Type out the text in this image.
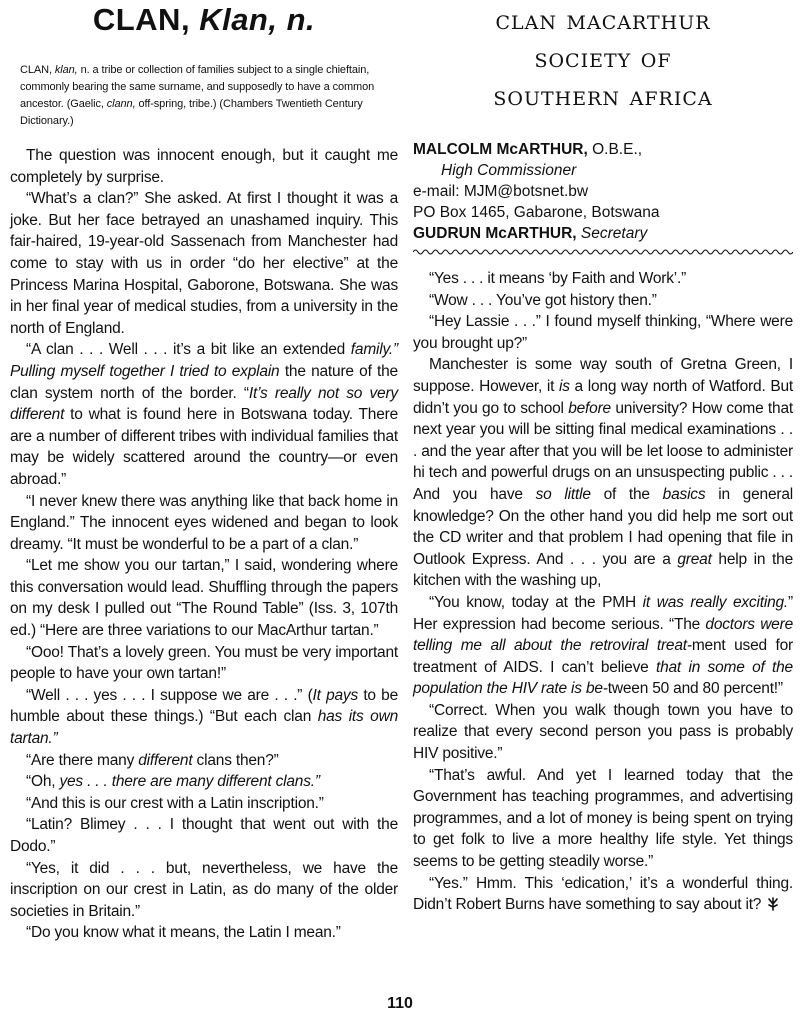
CLAN, Klan, n.

CLAN, klan, n. a tribe or collection of families subject to a single chieftain, commonly bearing the same surname, and supposedly to have a common ancestor. (Gaelic, clann, off-spring, tribe.) (Chambers Twentieth Century Dictionary.)

The question was innocent enough, but it caught me completely by surprise.

“What’s a clan?” She asked. At first I thought it was a joke. But her face betrayed an unashamed inquiry. This fair-haired, 19-year-old Sassenach from Manchester had come to stay with us in order “do her elective” at the Princess Marina Hospital, Gaborone, Botswana. She was in her final year of medical studies, from a university in the north of England.

“A clan . . . Well . . . it’s a bit like an extended family.” Pulling myself together I tried to explain the nature of the clan system north of the border. “It’s really not so very different to what is found here in Botswana today. There are a number of different tribes with individual families that may be widely scattered around the country—or even abroad.”

“I never knew there was anything like that back home in England.” The innocent eyes widened and began to look dreamy. “It must be wonderful to be a part of a clan.”

“Let me show you our tartan,” I said, wondering where this conversation would lead. Shuffling through the papers on my desk I pulled out “The Round Table” (Iss. 3, 107th ed.) “Here are three variations to our MacArthur tartan.”

“Ooo! That’s a lovely green. You must be very important people to have your own tartan!”

“Well . . . yes . . . I suppose we are . . .” (It pays to be humble about these things.) “But each clan has its own tartan.”

“Are there many different clans then?”

“Oh, yes . . . there are many different clans.”

“And this is our crest with a Latin inscription.”

“Latin? Blimey . . . I thought that went out with the Dodo.”

“Yes, it did . . . but, nevertheless, we have the inscription on our crest in Latin, as do many of the older societies in Britain.”

“Do you know what it means, the Latin I mean.”

clan macarthur
society of
southern africa
MALCOLM McARTHUR, O.B.E.,
High Commissioner
e-mail: MJM@botsnet.bw
PO Box 1465, Gabarone, Botswana
GUDRUN McARTHUR, Secretary

“Yes . . . it means ‘by Faith and Work’.”

“Wow . . . You’ve got history then.”

“Hey Lassie . . .” I found myself thinking, “Where were you brought up?”

Manchester is some way south of Gretna Green, I suppose. However, it is a long way north of Watford. But didn’t you go to school before university? How come that next year you will be sitting final medical examinations . . . and the year after that you will be let loose to administer hi tech and powerful drugs on an unsuspecting public . . . And you have so little of the basics in general knowledge? On the other hand you did help me sort out the CD writer and that problem I had opening that file in Outlook Express. And . . . you are a great help in the kitchen with the washing up,

“You know, today at the PMH it was really exciting.” Her expression had become serious. “The doctors were telling me all about the retroviral treat-ment used for treatment of AIDS. I can’t believe that in some of the population the HIV rate is be-tween 50 and 80 percent!”

“Correct. When you walk though town you have to realize that every second person you pass is probably HIV positive.”

“That’s awful. And yet I learned today that the Government has teaching programmes, and advertising programmes, and a lot of money is being spent on trying to get folk to live a more healthy life style. Yet things seems to be getting steadily worse.”

“Yes.” Hmm. This ‘edication,’ it’s a wonderful thing. Didn’t Robert Burns have something to say about it?

110
